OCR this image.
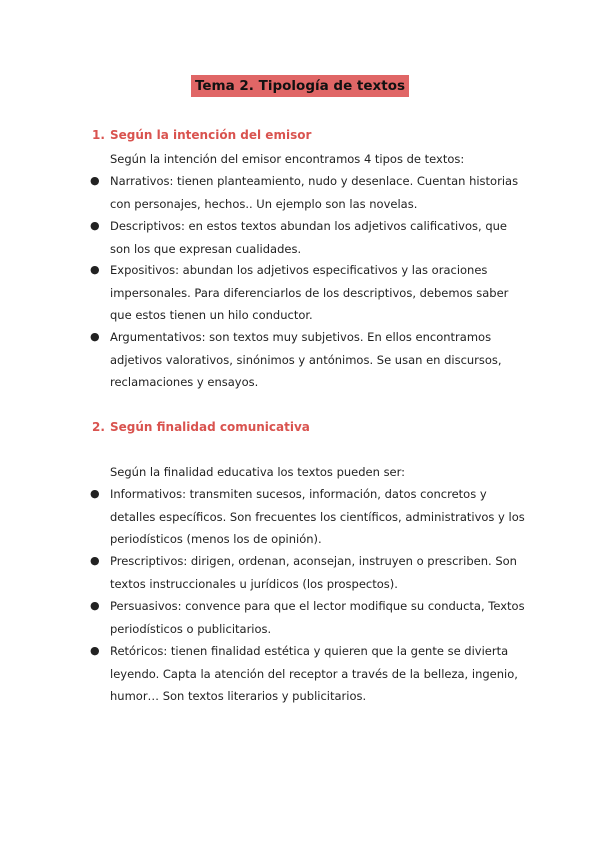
Tema 2. Tipología de textos
1. Según la intención del emisor
Según la intención del emisor encontramos 4 tipos de textos:
● Narrativos: tienen planteamiento, nudo y desenlace. Cuentan historias con personajes, hechos.. Un ejemplo son las novelas.
● Descriptivos: en estos textos abundan los adjetivos calificativos, que son los que expresan cualidades.
● Expositivos: abundan los adjetivos especificativos y las oraciones impersonales. Para diferenciarlos de los descriptivos, debemos saber que estos tienen un hilo conductor.
● Argumentativos: son textos muy subjetivos. En ellos encontramos adjetivos valorativos, sinónimos y antónimos. Se usan en discursos, reclamaciones y ensayos.
2. Según finalidad comunicativa
Según la finalidad educativa los textos pueden ser:
● Informativos: transmiten sucesos, información, datos concretos y detalles específicos. Son frecuentes los científicos, administrativos y los periodísticos (menos los de opinión).
● Prescriptivos: dirigen, ordenan, aconsejan, instruyen o prescriben. Son textos instruccionales u jurídicos (los prospectos).
● Persuasivos: convence para que el lector modifique su conducta, Textos periodísticos o publicitarios.
● Retóricos: tienen finalidad estética y quieren que la gente se divierta leyendo. Capta la atención del receptor a través de la belleza, ingenio, humor… Son textos literarios y publicitarios.
